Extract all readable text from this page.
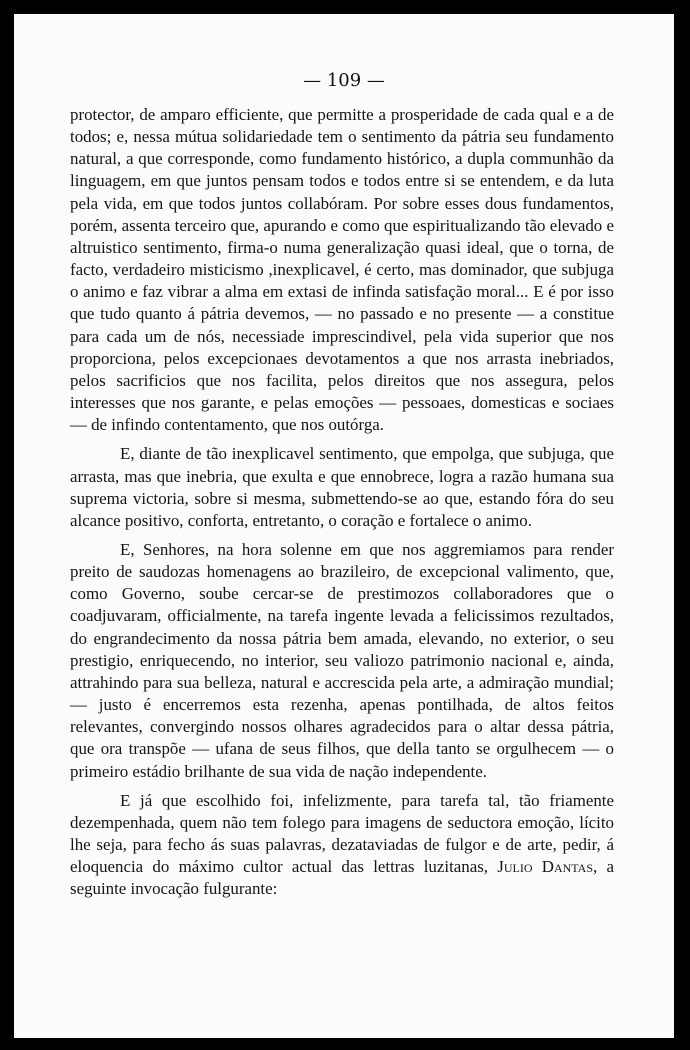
— 109 —

protector, de amparo efficiente, que permitte a prosperidade de cada qual e a de todos; e, nessa mútua solidariedade tem o sentimento da pátria seu fundamento natural, a que corresponde, como fundamento histórico, a dupla communhão da linguagem, em que juntos pensam todos e todos entre si se entendem, e da luta pela vida, em que todos juntos collabóram. Por sobre esses dous fundamentos, porém, assenta terceiro que, apurando e como que espiritualizando tão elevado e altruistico sentimento, firma-o numa generalização quasi ideal, que o torna, de facto, verdadeiro misticismo ,inexplicavel, é certo, mas dominador, que subjuga o animo e faz vibrar a alma em extasi de infinda satisfação moral... E é por isso que tudo quanto á pátria devemos, — no passado e no presente — a constitue para cada um de nós, necessiade imprescindivel, pela vida superior que nos proporciona, pelos excepcionaes devotamentos a que nos arrasta inebriados, pelos sacrificios que nos facilita, pelos direitos que nos assegura, pelos interesses que nos garante, e pelas emoções — pessoaes, domesticas e sociaes — de infindo contentamento, que nos outórga.

E, diante de tão inexplicavel sentimento, que empolga, que subjuga, que arrasta, mas que inebria, que exulta e que ennobrece, logra a razão humana sua suprema victoria, sobre si mesma, submettendo-se ao que, estando fóra do seu alcance positivo, conforta, entretanto, o coração e fortalece o animo.

E, Senhores, na hora solenne em que nos aggremiamos para render preito de saudozas homenagens ao brazileiro, de excepcional valimento, que, como Governo, soube cercar-se de prestimozos collaboradores que o coadjuvaram, officialmente, na tarefa ingente levada a felicissimos rezultados, do engrandecimento da nossa pátria bem amada, elevando, no exterior, o seu prestigio, enriquecendo, no interior, seu valiozo patrimonio nacional e, ainda, attrahindo para sua belleza, natural e accrescida pela arte, a admiração mundial; — justo é encerremos esta rezenha, apenas pontilhada, de altos feitos relevantes, convergindo nossos olhares agradecidos para o altar dessa pátria, que ora transpõe — ufana de seus filhos, que della tanto se orgulhecem — o primeiro estádio brilhante de sua vida de nação independente.

E já que escolhido foi, infelizmente, para tarefa tal, tão friamente dezempenhada, quem não tem folego para imagens de seductora emoção, lícito lhe seja, para fecho ás suas palavras, dezataviadas de fulgor e de arte, pedir, á eloquencia do máximo cultor actual das lettras luzitanas, Julio Dantas, a seguinte invocação fulgurante:
